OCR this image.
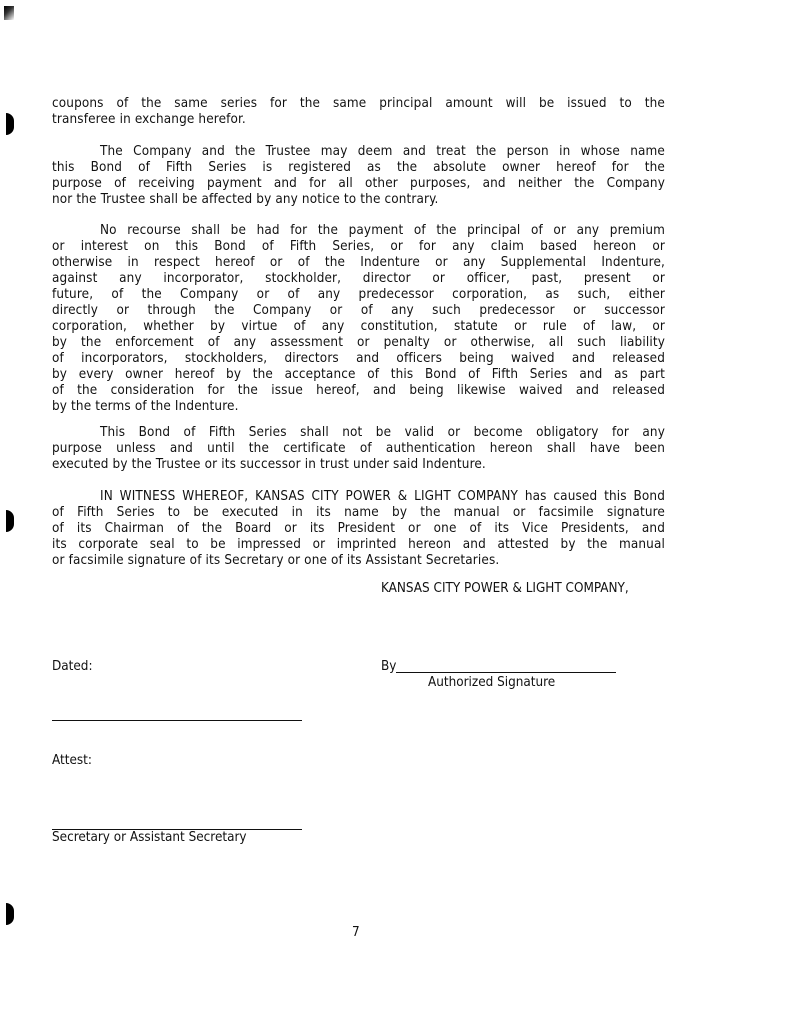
coupons of the same series for the same principal amount will be issued to the
transferee in exchange herefor.
The Company and the Trustee may deem and treat the person in whose name
this Bond of Fifth Series is registered as the absolute owner hereof for the
purpose of receiving payment and for all other purposes, and neither the Company
nor the Trustee shall be affected by any notice to the contrary.
No recourse shall be had for the payment of the principal of or any premium
or interest on this Bond of Fifth Series, or for any claim based hereon or
otherwise in respect hereof or of the Indenture or any Supplemental Indenture,
against any incorporator, stockholder, director or officer, past, present or
future, of the Company or of any predecessor corporation, as such, either
directly or through the Company or of any such predecessor or successor
corporation, whether by virtue of any constitution, statute or rule of law, or
by the enforcement of any assessment or penalty or otherwise, all such liability
of incorporators, stockholders, directors and officers being waived and released
by every owner hereof by the acceptance of this Bond of Fifth Series and as part
of the consideration for the issue hereof, and being likewise waived and released
by the terms of the Indenture.
This Bond of Fifth Series shall not be valid or become obligatory for any
purpose unless and until the certificate of authentication hereon shall have been
executed by the Trustee or its successor in trust under said Indenture.
IN WITNESS WHEREOF, KANSAS CITY POWER & LIGHT COMPANY has caused this Bond
of Fifth Series to be executed in its name by the manual or facsimile signature
of its Chairman of the Board or its President or one of its Vice Presidents, and
its corporate seal to be impressed or imprinted hereon and attested by the manual
or facsimile signature of its Secretary or one of its Assistant Secretaries.
KANSAS CITY POWER & LIGHT COMPANY,
Dated:	By
Authorized Signature
Attest:
Secretary or Assistant Secretary
7
